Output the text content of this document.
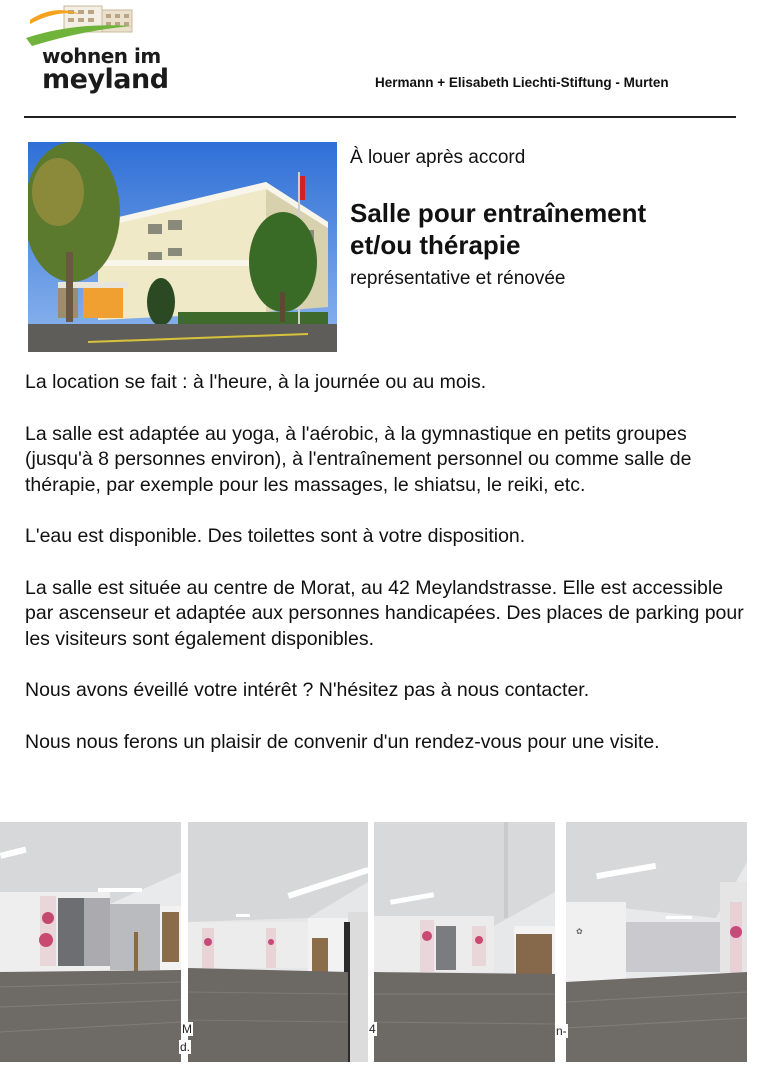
wohnen im
meyland	Hermann + Elisabeth Liechti-Stiftung - Murten
À louer après accord
Salle pour entraînement
et/ou thérapie
représentative et rénovée

La location se fait : à l'heure, à la journée ou au mois.

La salle est adaptée au yoga, à l'aérobic, à la gymnastique en petits groupes (jusqu'à 8 personnes environ), à l'entraînement personnel ou comme salle de thérapie, par exemple pour les massages, le shiatsu, le reiki, etc.

L'eau est disponible. Des toilettes sont à votre disposition.

La salle est située au centre de Morat, au 42 Meylandstrasse. Elle est accessible par ascenseur et adaptée aux personnes handicapées. Des places de parking pour les visiteurs sont également disponibles.

Nous avons éveillé votre intérêt ? N'hésitez pas à nous contacter.

Nous nous ferons un plaisir de convenir d'un rendez-vous pour une visite.

✿
M
d.
4	n-
